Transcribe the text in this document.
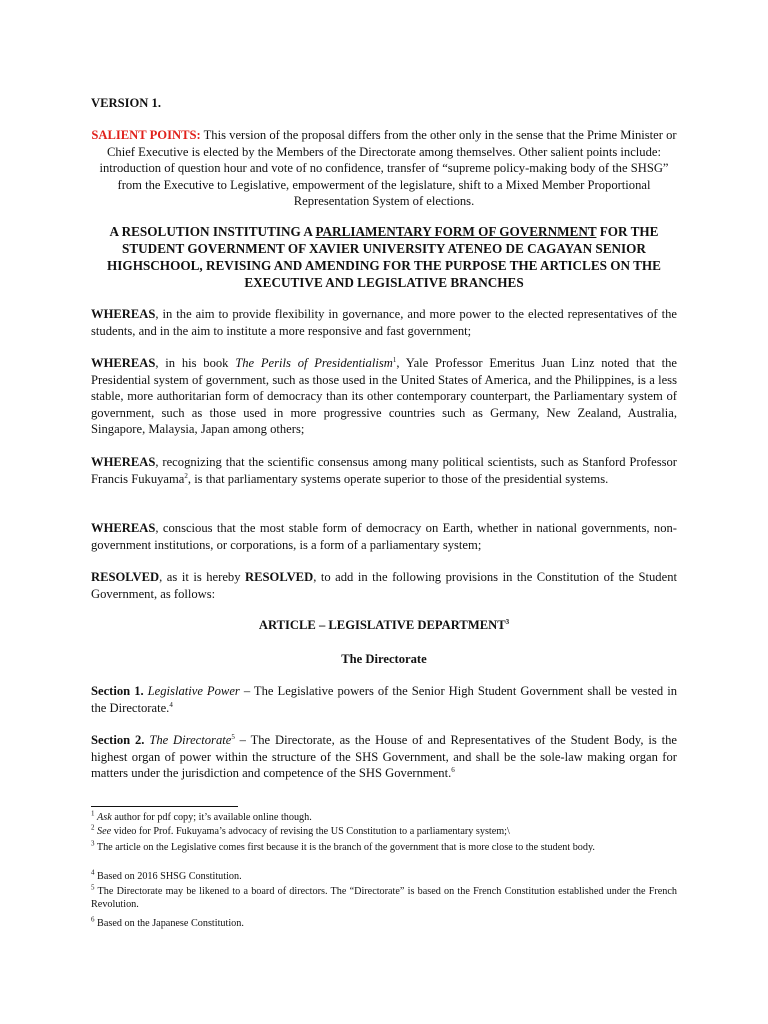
VERSION 1.
SALIENT POINTS: This version of the proposal differs from the other only in the sense that the Prime Minister or Chief Executive is elected by the Members of the Directorate among themselves. Other salient points include: introduction of question hour and vote of no confidence, transfer of “supreme policy-making body of the SHSG” from the Executive to Legislative, empowerment of the legislature, shift to a Mixed Member Proportional Representation System of elections.
A RESOLUTION INSTITUTING A PARLIAMENTARY FORM OF GOVERNMENT FOR THE STUDENT GOVERNMENT OF XAVIER UNIVERSITY ATENEO DE CAGAYAN SENIOR HIGHSCHOOL, REVISING AND AMENDING FOR THE PURPOSE THE ARTICLES ON THE EXECUTIVE AND LEGISLATIVE BRANCHES
WHEREAS, in the aim to provide flexibility in governance, and more power to the elected representatives of the students, and in the aim to institute a more responsive and fast government;
WHEREAS, in his book The Perils of Presidentialism$^1$, Yale Professor Emeritus Juan Linz noted that the Presidential system of government, such as those used in the United States of America, and the Philippines, is a less stable, more authoritarian form of democracy than its other contemporary counterpart, the Parliamentary system of government, such as those used in more progressive countries such as Germany, New Zealand, Australia, Singapore, Malaysia, Japan among others;
WHEREAS, recognizing that the scientific consensus among many political scientists, such as Stanford Professor Francis Fukuyama$^2$, is that parliamentary systems operate superior to those of the presidential systems.
WHEREAS, conscious that the most stable form of democracy on Earth, whether in national governments, non-government institutions, or corporations, is a form of a parliamentary system;
RESOLVED, as it is hereby RESOLVED, to add in the following provisions in the Constitution of the Student Government, as follows:
ARTICLE – LEGISLATIVE DEPARTMENT$^3$
The Directorate
Section 1. Legislative Power – The Legislative powers of the Senior High Student Government shall be vested in the Directorate.$^4$
Section 2. The Directorate$^5$ – The Directorate, as the House of and Representatives of the Student Body, is the highest organ of power within the structure of the SHS Government, and shall be the sole-law making organ for matters under the jurisdiction and competence of the SHS Government.$^6$
$^1$ Ask author for pdf copy; it’s available online though.
$^2$ See video for Prof. Fukuyama’s advocacy of revising the US Constitution to a parliamentary system;\
$^3$ The article on the Legislative comes first because it is the branch of the government that is more close to the student body.
$^4$ Based on 2016 SHSG Constitution.
$^5$ The Directorate may be likened to a board of directors. The “Directorate” is based on the French Constitution established under the French Revolution.
$^6$ Based on the Japanese Constitution.
